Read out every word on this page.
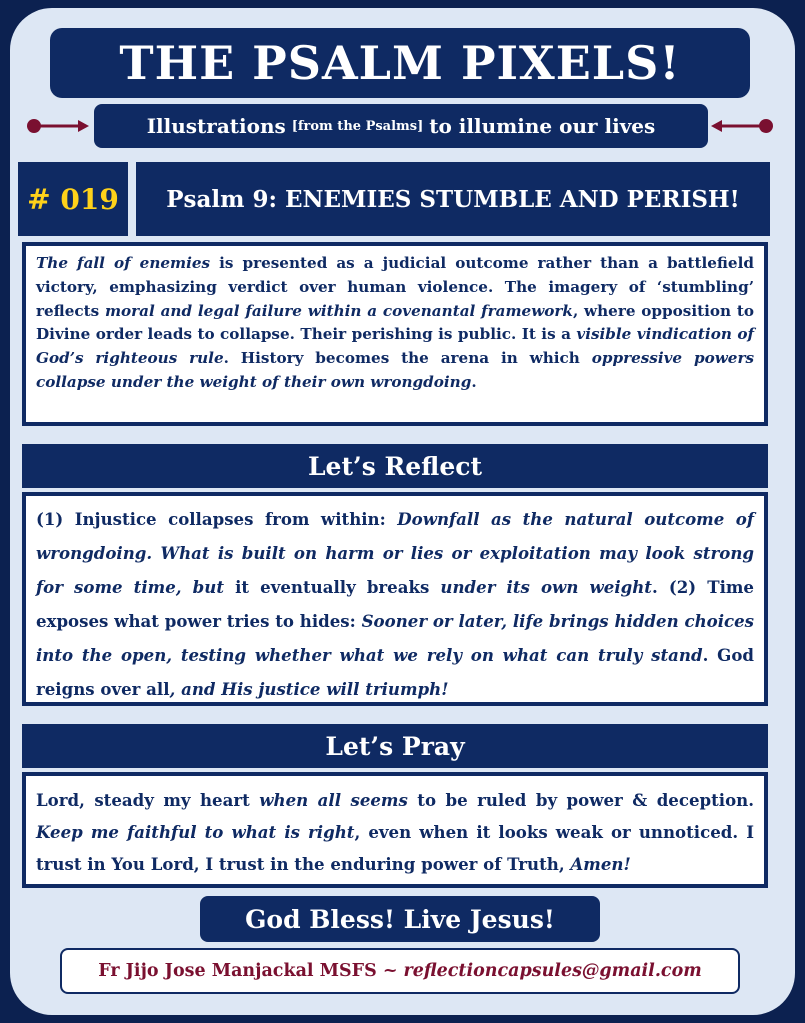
THE PSALM PIXELS!
Illustrations [from the Psalms] to illumine our lives
# 019	Psalm 9: ENEMIES STUMBLE AND PERISH!
The fall of enemies is presented as a judicial outcome rather than a battlefield victory, emphasizing verdict over human violence. The imagery of ‘stumbling’ reflects moral and legal failure within a covenantal framework, where opposition to Divine order leads to collapse. Their perishing is public. It is a visible vindication of God’s righteous rule. History becomes the arena in which oppressive powers collapse under the weight of their own wrongdoing.
Let’s Reflect
(1) Injustice collapses from within: Downfall as the natural outcome of wrongdoing. What is built on harm or lies or exploitation may look strong for some time, but it eventually breaks under its own weight. (2) Time exposes what power tries to hides: Sooner or later, life brings hidden choices into the open, testing whether what we rely on what can truly stand. God reigns over all, and His justice will triumph!
Let’s Pray
Lord, steady my heart when all seems to be ruled by power & deception. Keep me faithful to what is right, even when it looks weak or unnoticed. I trust in You Lord, I trust in the enduring power of Truth, Amen!
God Bless! Live Jesus!
Fr Jijo Jose Manjackal MSFS ~ reflectioncapsules@gmail.com
